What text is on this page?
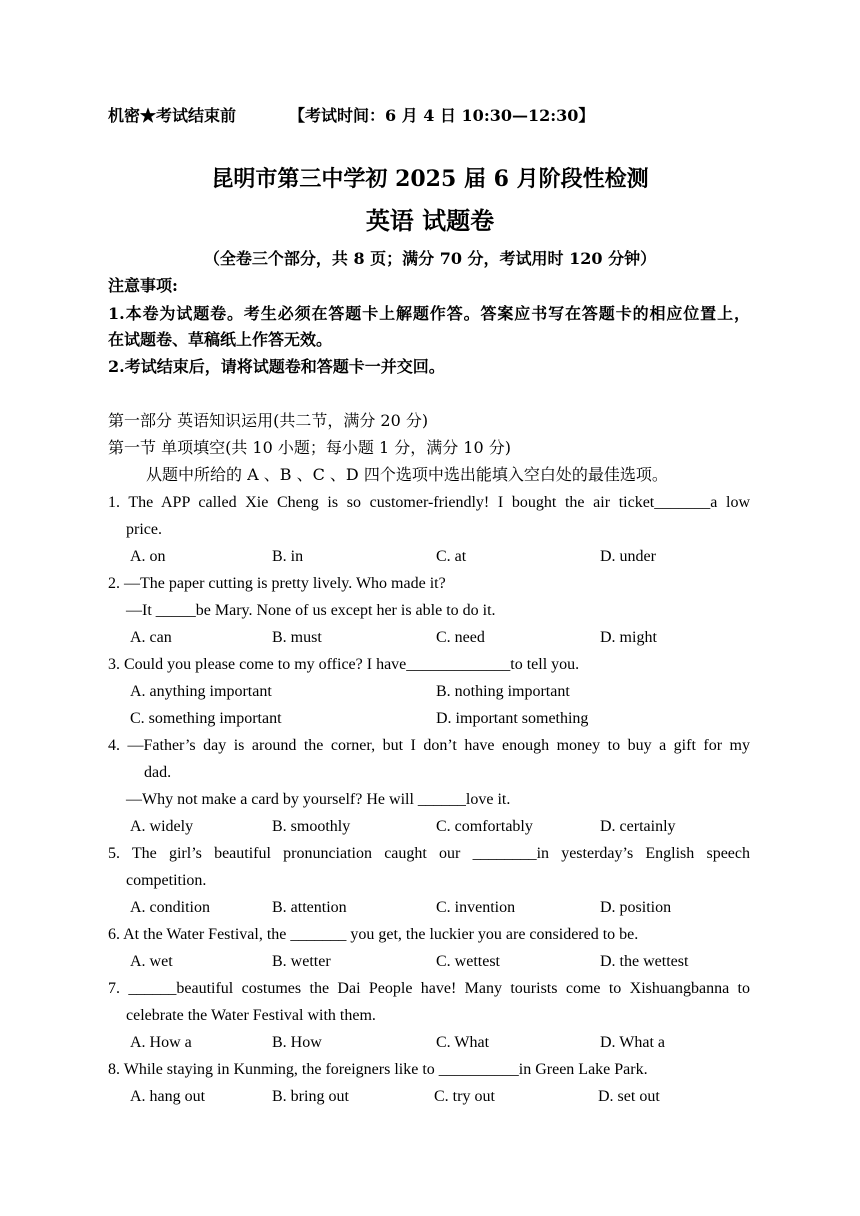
机密★考试结束前	【考试时间：6 月 4 日 10:30—12:30】
昆明市第三中学初 2025 届 6 月阶段性检测
英语 试题卷
（全卷三个部分，共 8 页；满分 70 分，考试用时 120 分钟）
注意事项:
1.本卷为试题卷。考生必须在答题卡上解题作答。答案应书写在答题卡的相应位置上，
在试题卷、草稿纸上作答无效。
2.考试结束后，请将试题卷和答题卡一并交回。
第一部分 英语知识运用(共二节，满分 20 分)
第一节 单项填空(共 10 小题；每小题 1 分，满分 10 分)
从题中所给的 A 、B 、C 、D 四个选项中选出能填入空白处的最佳选项。
1. The APP called Xie Cheng is so customer-friendly! I bought the air ticket_______a low
price.
A. on	B. in	C. at	D. under
2. —The paper cutting is pretty lively. Who made it?
—It _____be Mary. None of us except her is able to do it.
A. can	B. must	C. need	D. might
3. Could you please come to my office? I have_____________to tell you.
A. anything important	B. nothing important
C. something important	D. important something
4. —Father’s day is around the corner, but I don’t have enough money to buy a gift for my
dad.
—Why not make a card by yourself? He will ______love it.
A. widely	B. smoothly	C. comfortably	D. certainly
5. The girl’s beautiful pronunciation caught our ________in yesterday’s English speech
competition.
A. condition	B. attention	C. invention	D. position
6. At the Water Festival, the _______ you get, the luckier you are considered to be.
A. wet	B. wetter	C. wettest	D. the wettest
7. ______beautiful costumes the Dai People have! Many tourists come to Xishuangbanna to
celebrate the Water Festival with them.
A. How a	B. How	C. What	D. What a
8. While staying in Kunming, the foreigners like to __________in Green Lake Park.
A. hang out	B. bring out	C. try out	D. set out
